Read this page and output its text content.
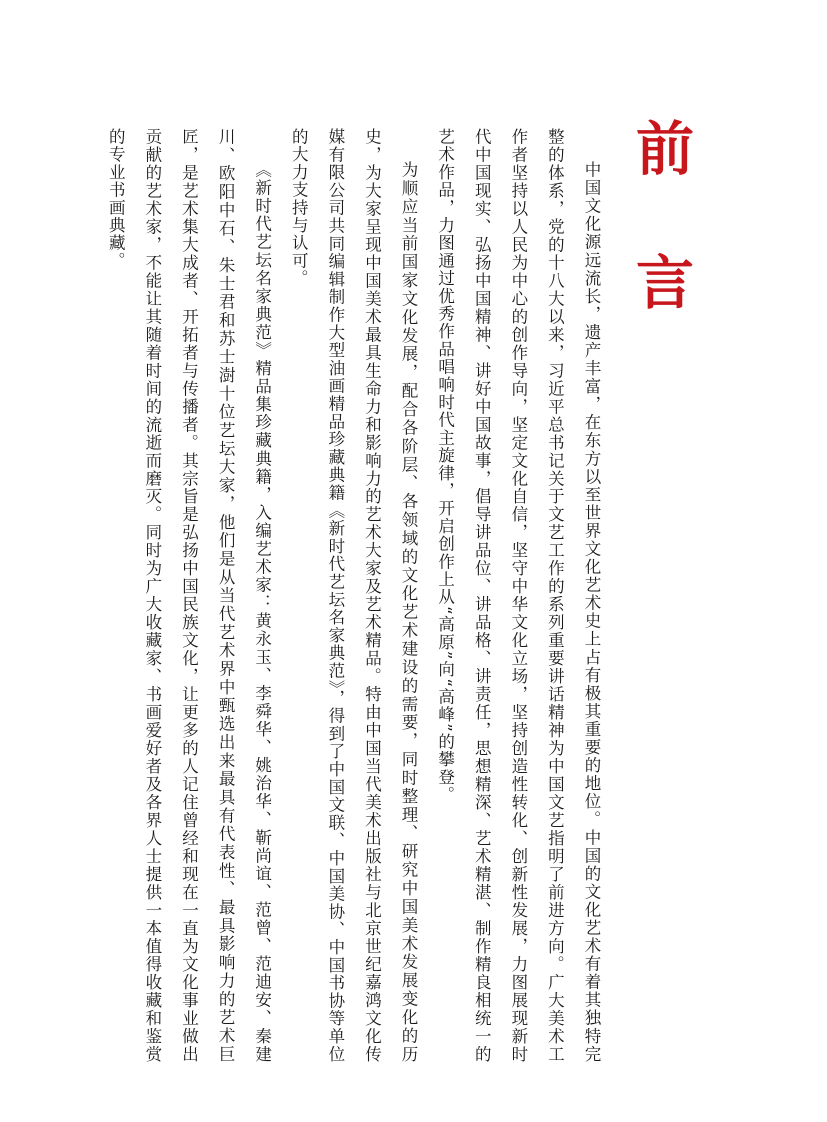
前 言

中国文化源远流长，遗产丰富，在东方以至世界文化艺术史上占有极其重要的地位。中国的文化艺术有着其独特完整的体系，党的十八大以来，习近平总书记关于文艺工作的系列重要讲话精神为中国文艺指明了前进方向。广大美术工作者坚持以人民为中心的创作导向，坚定文化自信，坚守中华文化立场，坚持创造性转化、创新性发展，力图展现新时代中国现实、弘扬中国精神、讲好中国故事，倡导讲品位、讲品格、讲责任，思想精深、艺术精湛、制作精良相统一的艺术作品，力图通过优秀作品唱响时代主旋律，开启创作上从“高原”向“高峰”的攀登。

为顺应当前国家文化发展，配合各阶层、各领域的文化艺术建设的需要，同时整理、研究中国美术发展变化的历史，为大家呈现中国美术最具生命力和影响力的艺术大家及艺术精品。特由中国当代美术出版社与北京世纪嘉鸿文化传媒有限公司共同编辑制作大型油画精品珍藏典籍《新时代艺坛名家典范》，得到了中国文联、中国美协、中国书协等单位的大力支持与认可。

《新时代艺坛名家典范》精品集珍藏典籍，入编艺术家：黄永玉、李舜华、姚治华、靳尚谊、范曾、范迪安、秦建川、欧阳中石、朱士君和苏士澍十位艺坛大家，他们是从当代艺术界中甄选出来最具有代表性、最具影响力的艺术巨匠，是艺术集大成者、开拓者与传播者。其宗旨是弘扬中国民族文化，让更多的人记住曾经和现在一直为文化事业做出贡献的艺术家，不能让其随着时间的流逝而磨灭。同时为广大收藏家、书画爱好者及各界人士提供一本值得收藏和鉴赏的专业书画典藏。
